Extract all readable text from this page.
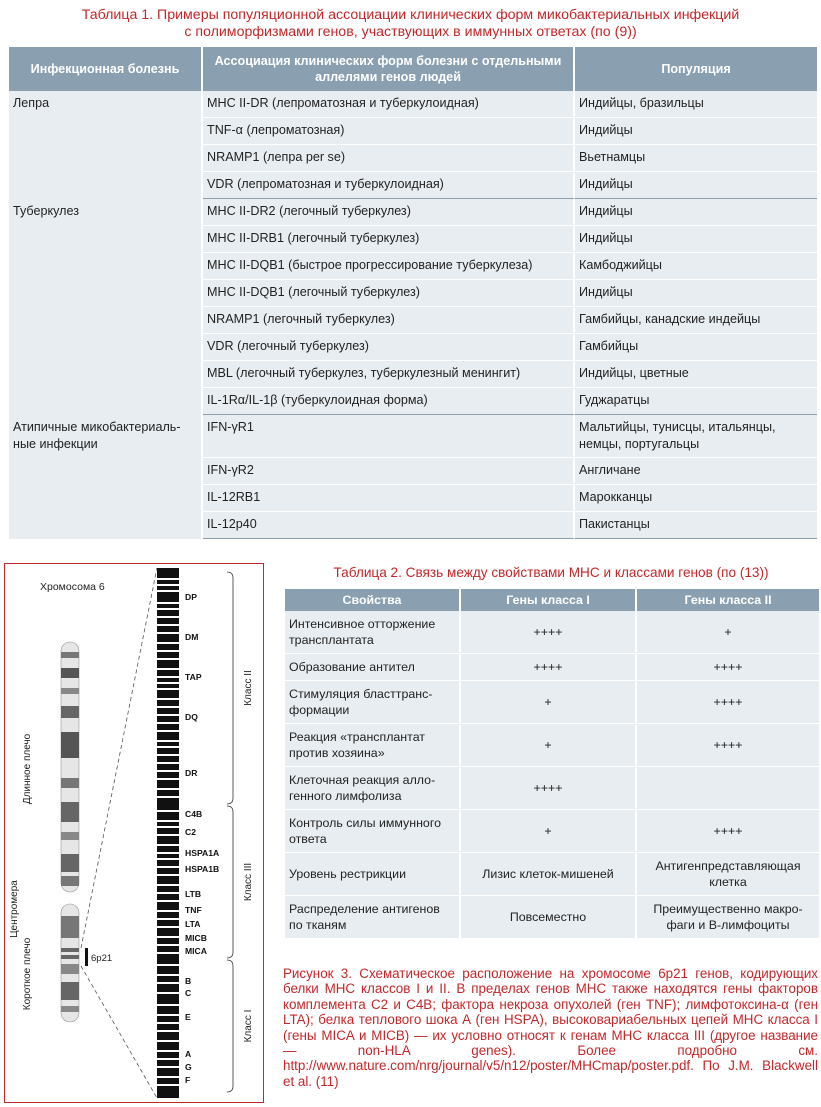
Таблица 1. Примеры популяционной ассоциации клинических форм микобактериальных инфекций
с полиморфизмами генов, участвующих в иммунных ответах (по (9))
Инфекционная болезнь	Ассоциация клинических форм болезни с отдельными аллелями генов людей	Популяция
Лепра	MHC II-DR (лепроматозная и туберкулоидная)	Индийцы, бразильцы
	TNF-α (лепроматозная)	Индийцы
	NRAMP1 (лепра per se)	Вьетнамцы
	VDR (лепроматозная и туберкулоидная)	Индийцы
Туберкулез	MHC II-DR2 (легочный туберкулез)	Индийцы
	MHC II-DRB1 (легочный туберкулез)	Индийцы
	MHC II-DQB1 (быстрое прогрессирование туберкулеза)	Камбоджийцы
	MHC II-DQB1 (легочный туберкулез)	Индийцы
	NRAMP1 (легочный туберкулез)	Гамбийцы, канадские индейцы
	VDR (легочный туберкулез)	Гамбийцы
	MBL (легочный туберкулез, туберкулезный менингит)	Индийцы, цветные
	IL-1Rα/IL-1β (туберкулоидная форма)	Гуджаратцы
Атипичные микобактериаль-ные инфекции	IFN-γR1	Мальтийцы, тунисцы, итальянцы, немцы, португальцы
	IFN-γR2	Англичане
	IL-12RB1	Марокканцы
	IL-12p40	Пакистанцы
Хромосома 6
Длинное плечо
Центромера
Короткое плечо	6p21
DP
DM
TAP
DQ
DR
C4B
C2
HSPA1A
HSPA1B
LTB
TNF
LTA
MICB
MICA
B
C
E
A
G
F
Класс II
Класс III
Класс I
Таблица 2. Связь между свойствами МНС и классами генов (по (13))
Свойства	Гены класса I	Гены класса II
Интенсивное отторжение трансплантата	++++	+
Образование антител	++++	++++
Стимуляция бласттранс-формации	+	++++
Реакция «трансплантат против хозяина»	+	++++
Клеточная реакция алло-генного лимфолиза	++++	
Контроль силы иммунного ответа	+	++++
Уровень рестрикции	Лизис клеток-мишеней	Антигенпредставляющая клетка
Распределение антигенов по тканям	Повсеместно	Преимущественно макро-фаги и В-лимфоциты
Рисунок 3. Схематическое расположение на хромосоме 6р21 генов, кодирующих белки МНС классов I и II. В пределах генов МНС также находятся гены факторов комплемента С2 и С4В; фактора некроза опухолей (ген TNF); лимфотоксина-α (ген LTA); белка теплового шока А (ген HSPA), высоковариабельных цепей МНС класса I (гены MICA и MICB) — их условно относят к генам МНС класса III (другое название — non-HLA genes). Более подробно см. http://www.nature.com/nrg/journal/v5/n12/poster/MHCmap/poster.pdf. По J.M. Blackwell et al. (11)
